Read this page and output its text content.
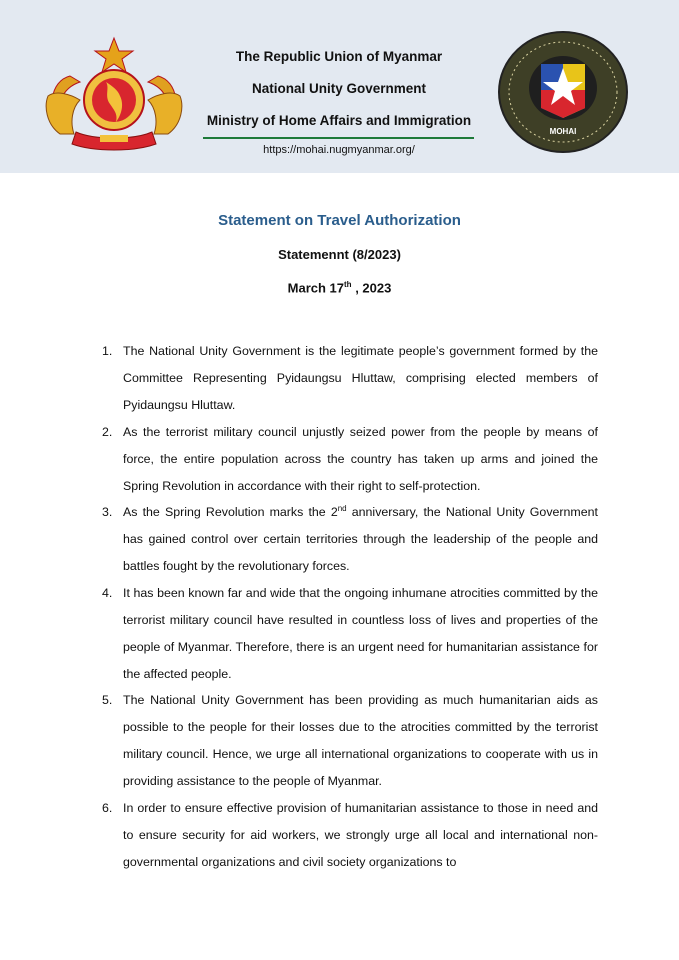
The Republic Union of Myanmar
National Unity Government
Ministry of Home Affairs and Immigration
https://mohai.nugmyanmar.org/
MOHAI
Statement on Travel Authorization
Statemennt (8/2023)
March 17th , 2023
1. The National Unity Government is the legitimate people’s government formed by the Committee Representing Pyidaungsu Hluttaw, comprising elected members of Pyidaungsu Hluttaw.
2. As the terrorist military council unjustly seized power from the people by means of force, the entire population across the country has taken up arms and joined the Spring Revolution in accordance with their right to self-protection.
3. As the Spring Revolution marks the 2nd anniversary, the National Unity Government has gained control over certain territories through the leadership of the people and battles fought by the revolutionary forces.
4. It has been known far and wide that the ongoing inhumane atrocities committed by the terrorist military council have resulted in countless loss of lives and properties of the people of Myanmar. Therefore, there is an urgent need for humanitarian assistance for the affected people.
5. The National Unity Government has been providing as much humanitarian aids as possible to the people for their losses due to the atrocities committed by the terrorist military council. Hence, we urge all international organizations to cooperate with us in providing assistance to the people of Myanmar.
6. In order to ensure effective provision of humanitarian assistance to those in need and to ensure security for aid workers, we strongly urge all local and international non-governmental organizations and civil society organizations to
